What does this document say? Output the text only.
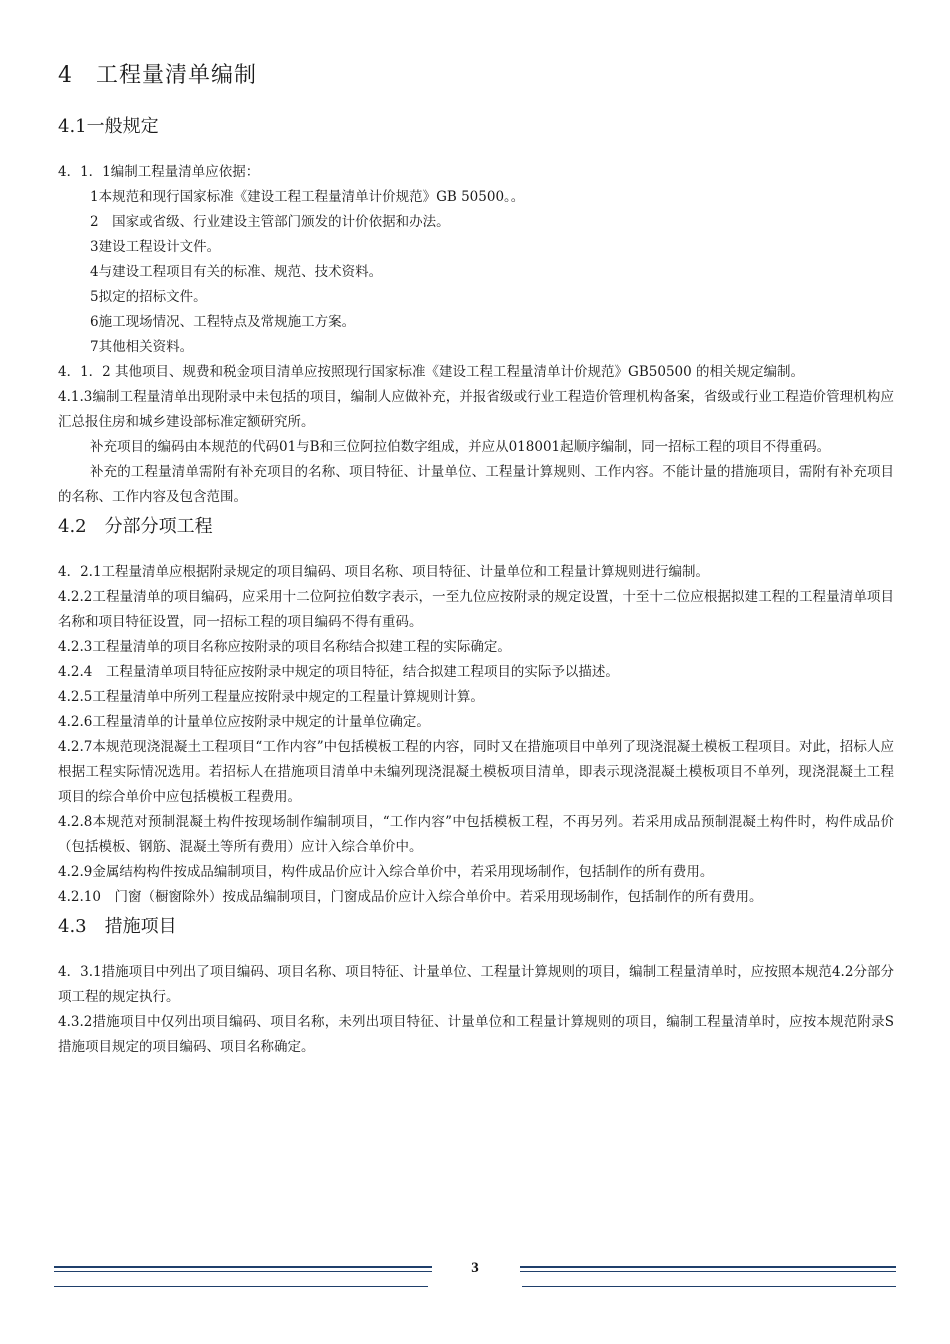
4　工程量清单编制
4.1一般规定

4．1．1编制工程量清单应依据：

1本规范和现行国家标准《建设工程工程量清单计价规范》GB 50500。。

2　国家或省级、行业建设主管部门颁发的计价依据和办法。

3建设工程设计文件。

4与建设工程项目有关的标准、规范、技术资料。

5拟定的招标文件。

6施工现场情况、工程特点及常规施工方案。

7其他相关资料。

4．1．2 其他项目、规费和税金项目清单应按照现行国家标准《建设工程工程量清单计价规范》GB50500 的相关规定编制。

4.1.3编制工程量清单出现附录中未包括的项目，编制人应做补充，并报省级或行业工程造价管理机构备案，省级或行业工程造价管理机构应汇总报住房和城乡建设部标准定额研究所。

补充项目的编码由本规范的代码01与B和三位阿拉伯数字组成，并应从018001起顺序编制，同一招标工程的项目不得重码。

补充的工程量清单需附有补充项目的名称、项目特征、计量单位、工程量计算规则、工作内容。不能计量的措施项目，需附有补充项目的名称、工作内容及包含范围。

4.2　分部分项工程

4．2.1工程量清单应根据附录规定的项目编码、项目名称、项目特征、计量单位和工程量计算规则进行编制。

4.2.2工程量清单的项目编码，应采用十二位阿拉伯数字表示，一至九位应按附录的规定设置，十至十二位应根据拟建工程的工程量清单项目名称和项目特征设置，同一招标工程的项目编码不得有重码。

4.2.3工程量清单的项目名称应按附录的项目名称结合拟建工程的实际确定。

4.2.4　工程量清单项目特征应按附录中规定的项目特征，结合拟建工程项目的实际予以描述。

4.2.5工程量清单中所列工程量应按附录中规定的工程量计算规则计算。

4.2.6工程量清单的计量单位应按附录中规定的计量单位确定。

4.2.7本规范现浇混凝土工程项目“工作内容”中包括模板工程的内容，同时又在措施项目中单列了现浇混凝土模板工程项目。对此，招标人应根据工程实际情况选用。若招标人在措施项目清单中未编列现浇混凝土模板项目清单，即表示现浇混凝土模板项目不单列，现浇混凝土工程项目的综合单价中应包括模板工程费用。

4.2.8本规范对预制混凝土构件按现场制作编制项目，“工作内容”中包括模板工程，不再另列。若采用成品预制混凝土构件时，构件成品价（包括模板、钢筋、混凝土等所有费用）应计入综合单价中。

4.2.9金属结构构件按成品编制项目，构件成品价应计入综合单价中，若采用现场制作，包括制作的所有费用。

4.2.10　门窗（橱窗除外）按成品编制项目，门窗成品价应计入综合单价中。若采用现场制作，包括制作的所有费用。

4.3　措施项目

4．3.1措施项目中列出了项目编码、项目名称、项目特征、计量单位、工程量计算规则的项目，编制工程量清单时，应按照本规范4.2分部分项工程的规定执行。

4.3.2措施项目中仅列出项目编码、项目名称，未列出项目特征、计量单位和工程量计算规则的项目，编制工程量清单时，应按本规范附录S措施项目规定的项目编码、项目名称确定。

3
